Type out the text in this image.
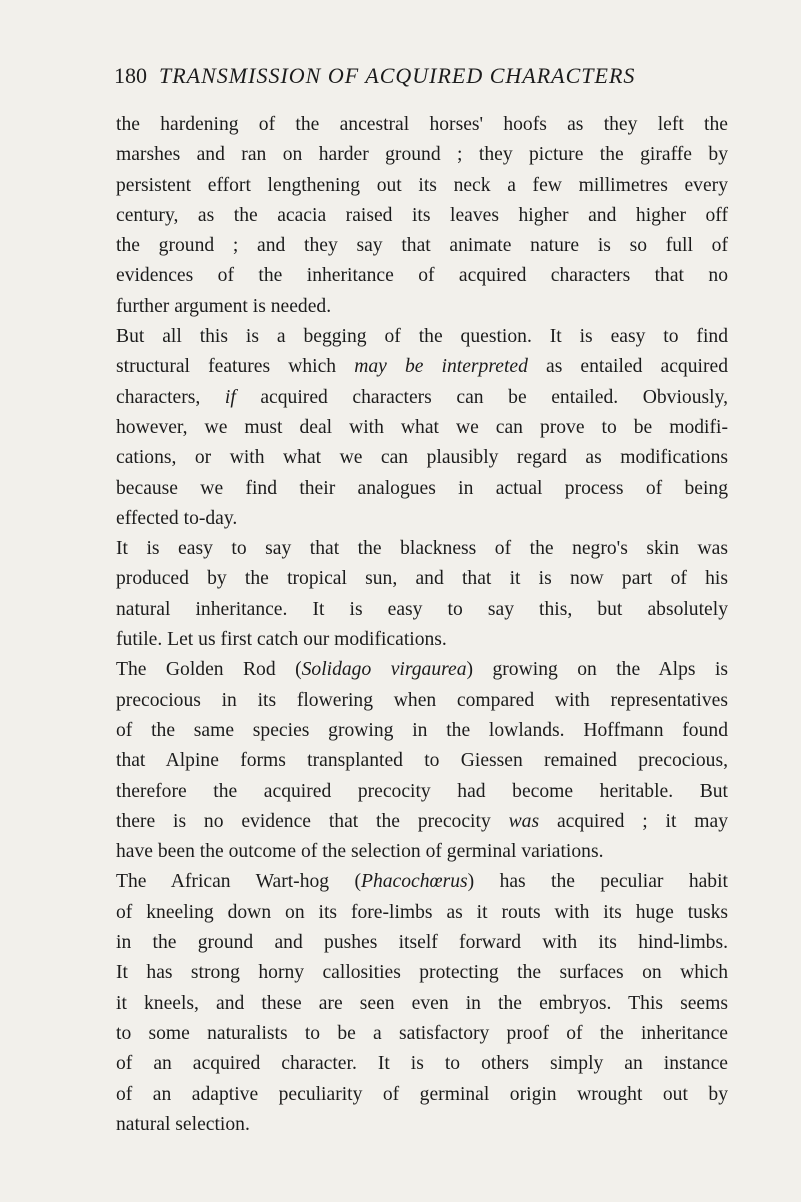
180 TRANSMISSION OF ACQUIRED CHARACTERS
the hardening of the ancestral horses' hoofs as they left the
marshes and ran on harder ground ; they picture the giraffe by
persistent effort lengthening out its neck a few millimetres every
century, as the acacia raised its leaves higher and higher off
the ground ; and they say that animate nature is so full of
evidences of the inheritance of acquired characters that no
further argument is needed.
But all this is a begging of the question. It is easy to find
structural features which may be interpreted as entailed acquired
characters, if acquired characters can be entailed. Obviously,
however, we must deal with what we can prove to be modifi-
cations, or with what we can plausibly regard as modifications
because we find their analogues in actual process of being
effected to-day.
It is easy to say that the blackness of the negro's skin was
produced by the tropical sun, and that it is now part of his
natural inheritance. It is easy to say this, but absolutely
futile. Let us first catch our modifications.
The Golden Rod (Solidago virgaurea) growing on the Alps is
precocious in its flowering when compared with representatives
of the same species growing in the lowlands. Hoffmann found
that Alpine forms transplanted to Giessen remained precocious,
therefore the acquired precocity had become heritable. But
there is no evidence that the precocity was acquired ; it may
have been the outcome of the selection of germinal variations.
The African Wart-hog (Phacochœrus) has the peculiar habit
of kneeling down on its fore-limbs as it routs with its huge tusks
in the ground and pushes itself forward with its hind-limbs.
It has strong horny callosities protecting the surfaces on which
it kneels, and these are seen even in the embryos. This seems
to some naturalists to be a satisfactory proof of the inheritance
of an acquired character. It is to others simply an instance
of an adaptive peculiarity of germinal origin wrought out by
natural selection.
